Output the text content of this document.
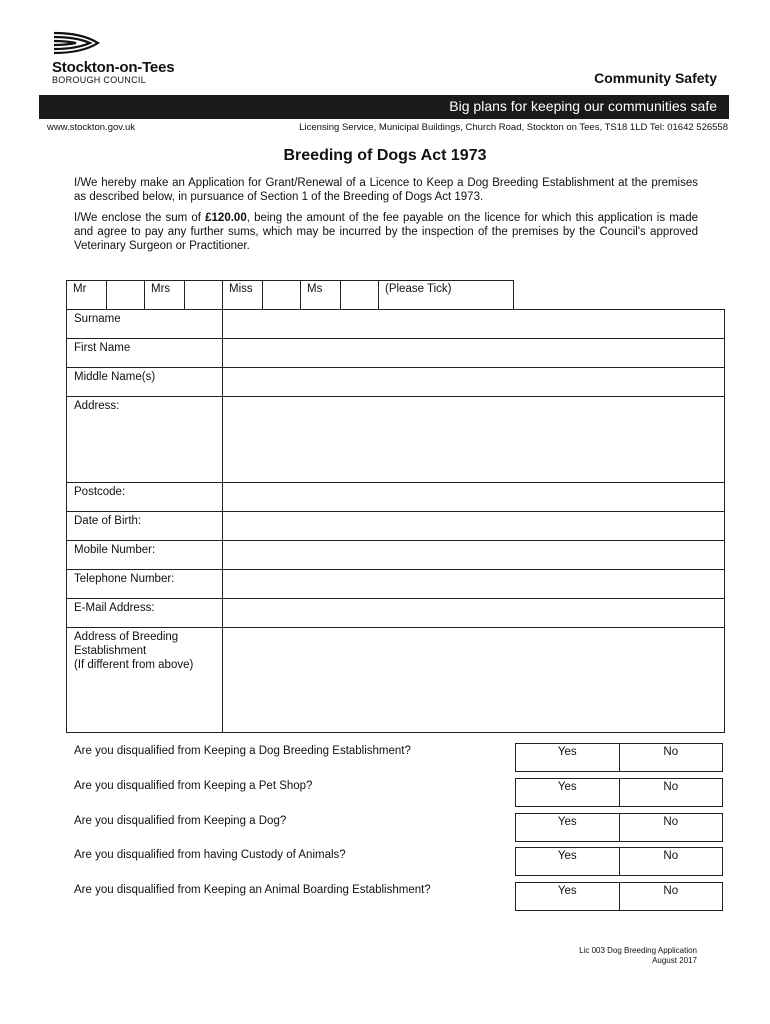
Stockton-on-Tees
BOROUGH COUNCIL	Community Safety
Big plans for keeping our communities safe
www.stockton.gov.uk	Licensing Service, Municipal Buildings, Church Road, Stockton on Tees, TS18 1LD Tel: 01642 526558
Breeding of Dogs Act 1973
I/We hereby make an Application for Grant/Renewal of a Licence to Keep a Dog Breeding Establishment at the premises as described below, in pursuance of Section 1 of the Breeding of Dogs Act 1973.
I/We enclose the sum of £120.00, being the amount of the fee payable on the licence for which this application is made and agree to pay any further sums, which may be incurred by the inspection of the premises by the Council's approved Veterinary Surgeon or Practitioner.
Mr	Mrs	Miss	Ms	(Please Tick)
Surname
First Name
Middle Name(s)
Address:
Postcode:
Date of Birth:
Mobile Number:
Telephone Number:
E-Mail Address:
Address of Breeding
Establishment
(If different from above)
Are you disqualified from Keeping a Dog Breeding Establishment?	Yes	No
Are you disqualified from Keeping a Pet Shop?	Yes	No
Are you disqualified from Keeping a Dog?	Yes	No
Are you disqualified from having Custody of Animals?	Yes	No
Are you disqualified from Keeping an Animal Boarding Establishment?	Yes	No
Lic 003 Dog Breeding Application
August 2017
